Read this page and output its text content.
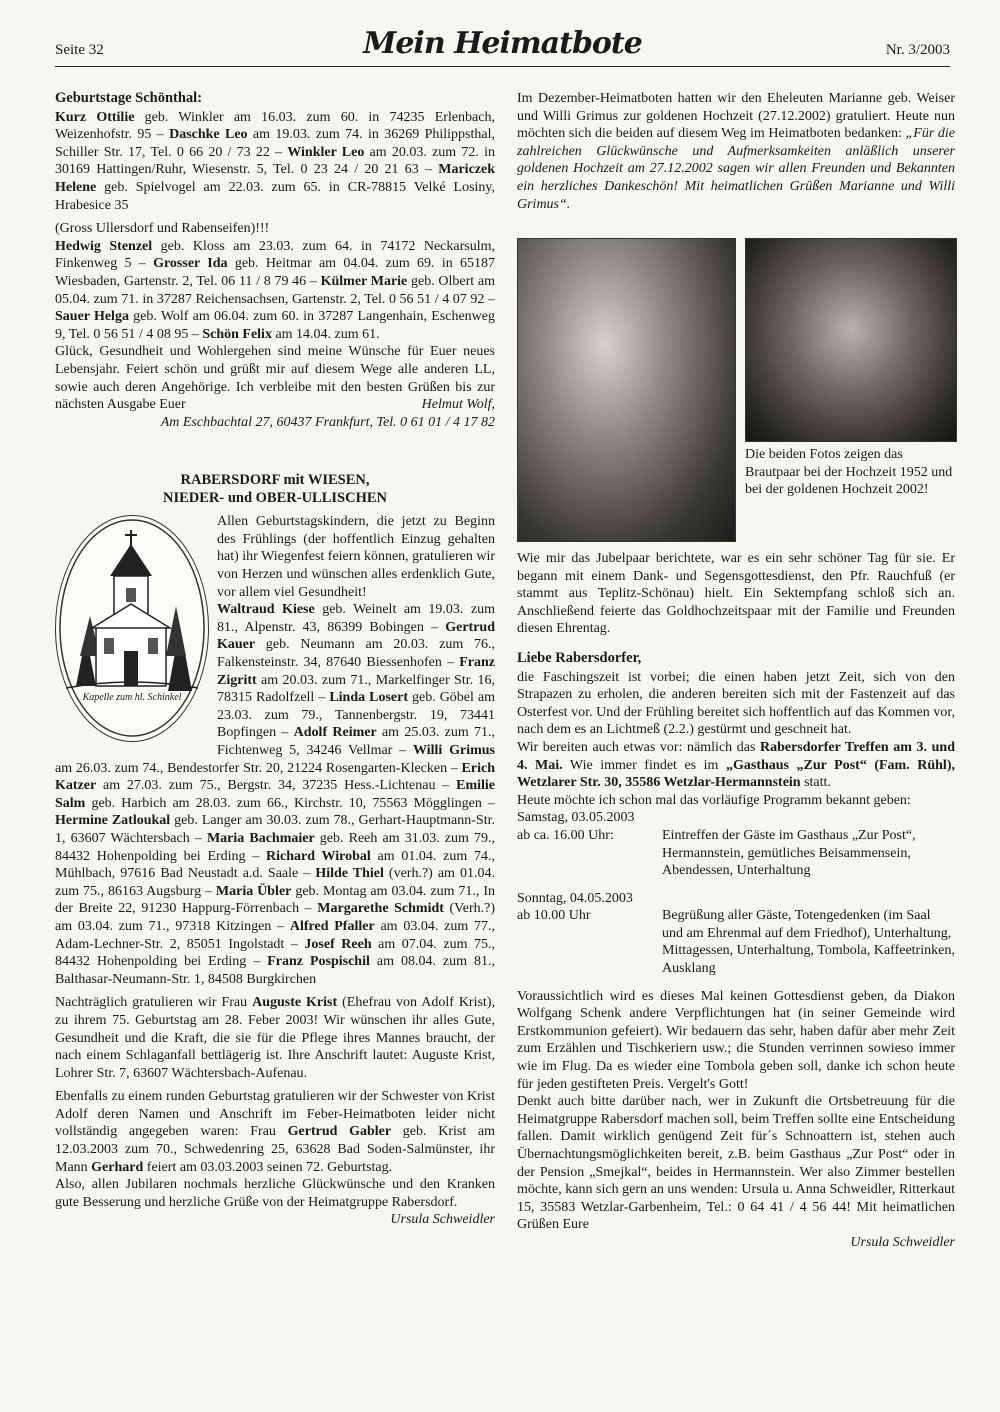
Seite 32	Mein Heimatbote	Nr. 3/2003
Geburtstage Schönthal:

Kurz Ottilie geb. Winkler am 16.03. zum 60. in 74235 Erlenbach, Weizenhofstr. 95 – Daschke Leo am 19.03. zum 74. in 36269 Philippsthal, Schiller Str. 17, Tel. 0 66 20 / 73 22 – Winkler Leo am 20.03. zum 72. in 30169 Hattingen/Ruhr, Wiesenstr. 5, Tel. 0 23 24 / 20 21 63 – Mariczek Helene geb. Spielvogel am 22.03. zum 65. in CR-78815 Velké Losiny, Hrabesice 35

(Gross Ullersdorf und Rabenseifen)!!!

Hedwig Stenzel geb. Kloss am 23.03. zum 64. in 74172 Neckarsulm, Finkenweg 5 – Grosser Ida geb. Heitmar am 04.04. zum 69. in 65187 Wiesbaden, Gartenstr. 2, Tel. 06 11 / 8 79 46 – Külmer Marie geb. Olbert am 05.04. zum 71. in 37287 Reichensachsen, Gartenstr. 2, Tel. 0 56 51 / 4 07 92 – Sauer Helga geb. Wolf am 06.04. zum 60. in 37287 Langenhain, Eschenweg 9, Tel. 0 56 51 / 4 08 95 – Schön Felix am 14.04. zum 61.

Glück, Gesundheit und Wohlergehen sind meine Wünsche für Euer neues Lebensjahr. Feiert schön und grüßt mir auf diesem Wege alle anderen LL, sowie auch deren Angehörige. Ich verbleibe mit den besten Grüßen bis zur nächsten Ausgabe Euer	Helmut Wolf,

Am Eschbachtal 27, 60437 Frankfurt, Tel. 0 61 01 / 4 17 82

RABERSDORF mit WIESEN,
NIEDER- und OBER-ULLISCHEN
Kapelle zum hl. Schinkel

Allen Geburtstagskindern, die jetzt zu Beginn des Frühlings (der hoffentlich Einzug gehalten hat) ihr Wiegenfest feiern können, gratulieren wir von Herzen und wünschen alles erdenklich Gute, vor allem viel Gesundheit!

Waltraud Kiese geb. Weinelt am 19.03. zum 81., Alpenstr. 43, 86399 Bobingen – Gertrud Kauer geb. Neumann am 20.03. zum 76., Falkensteinstr. 34, 87640 Biessenhofen – Franz Zigritt am 20.03. zum 71., Markelfinger Str. 16, 78315 Radolfzell – Linda Losert geb. Göbel am 23.03. zum 79., Tannenbergstr. 19, 73441 Bopfingen – Adolf Reimer am 25.03. zum 71., Fichtenweg 5, 34246 Vellmar – Willi Grimus am 26.03. zum 74., Bendestorfer Str. 20, 21224 Rosengarten-Klecken – Erich Katzer am 27.03. zum 75., Bergstr. 34, 37235 Hess.-Lichtenau – Emilie Salm geb. Harbich am 28.03. zum 66., Kirchstr. 10, 75563 Mögglingen – Hermine Zatloukal geb. Langer am 30.03. zum 78., Gerhart-Hauptmann-Str. 1, 63607 Wächtersbach – Maria Bachmaier geb. Reeh am 31.03. zum 79., 84432 Hohenpolding bei Erding – Richard Wirobal am 01.04. zum 74., Mühlbach, 97616 Bad Neustadt a.d. Saale – Hilde Thiel (verh.?) am 01.04. zum 75., 86163 Augsburg – Maria Übler geb. Montag am 03.04. zum 71., In der Breite 22, 91230 Happurg-Förrenbach – Margarethe Schmidt (Verh.?) am 03.04. zum 71., 97318 Kitzingen – Alfred Pfaller am 03.04. zum 77., Adam-Lechner-Str. 2, 85051 Ingolstadt – Josef Reeh am 07.04. zum 75., 84432 Hohenpolding bei Erding – Franz Pospischil am 08.04. zum 81., Balthasar-Neumann-Str. 1, 84508 Burgkirchen

Nachträglich gratulieren wir Frau Auguste Krist (Ehefrau von Adolf Krist), zu ihrem 75. Geburtstag am 28. Feber 2003! Wir wünschen ihr alles Gute, Gesundheit und die Kraft, die sie für die Pflege ihres Mannes braucht, der nach einem Schlaganfall bettlägerig ist. Ihre Anschrift lautet: Auguste Krist, Lohrer Str. 7, 63607 Wächtersbach-Aufenau.

Ebenfalls zu einem runden Geburtstag gratulieren wir der Schwester von Krist Adolf deren Namen und Anschrift im Feber-Heimatboten leider nicht vollständig angegeben waren: Frau Gertrud Gabler geb. Krist am 12.03.2003 zum 70., Schwedenring 25, 63628 Bad Soden-Salmünster, ihr Mann Gerhard feiert am 03.03.2003 seinen 72. Geburtstag.

Also, allen Jubilaren nochmals herzliche Glückwünsche und den Kranken gute Besserung und herzliche Grüße von der Heimatgruppe Rabersdorf.
Ursula Schweidler

Im Dezember-Heimatboten hatten wir den Eheleuten Marianne geb. Weiser und Willi Grimus zur goldenen Hochzeit (27.12.2002) gratuliert. Heute nun möchten sich die beiden auf diesem Weg im Heimatboten bedanken: „Für die zahlreichen Glückwünsche und Aufmerksamkeiten anläßlich unserer goldenen Hochzeit am 27.12.2002 sagen wir allen Freunden und Bekannten ein herzliches Dankeschön! Mit heimatlichen Grüßen Marianne und Willi Grimus“.

Die beiden Fotos zeigen das Brautpaar bei der Hochzeit 1952 und bei der goldenen Hochzeit 2002!

Wie mir das Jubelpaar berichtete, war es ein sehr schöner Tag für sie. Er begann mit einem Dank- und Segensgottesdienst, den Pfr. Rauchfuß (er stammt aus Teplitz-Schönau) hielt. Ein Sektempfang schloß sich an. Anschließend feierte das Goldhochzeitspaar mit der Familie und Freunden diesen Ehrentag.

Liebe Rabersdorfer,

die Faschingszeit ist vorbei; die einen haben jetzt Zeit, sich von den Strapazen zu erholen, die anderen bereiten sich mit der Fastenzeit auf das Osterfest vor. Und der Frühling bereitet sich hoffentlich auf das Kommen vor, nach dem es an Lichtmeß (2.2.) gestürmt und geschneit hat.

Wir bereiten auch etwas vor: nämlich das Rabersdorfer Treffen am 3. und 4. Mai. Wie immer findet es im „Gasthaus „Zur Post“ (Fam. Rühl), Wetzlarer Str. 30, 35586 Wetzlar-Hermannstein statt.

Heute möchte ich schon mal das vorläufige Programm bekannt geben:

Samstag, 03.05.2003
ab ca. 16.00 Uhr:	Eintreffen der Gäste im Gasthaus „Zur Post“, Hermannstein, gemütliches Beisammensein, Abendessen, Unterhaltung
Sonntag, 04.05.2003
ab 10.00 Uhr	Begrüßung aller Gäste, Totengedenken (im Saal und am Ehrenmal auf dem Friedhof), Unterhaltung, Mittagessen, Unterhaltung, Tombola, Kaffeetrinken, Ausklang

Voraussichtlich wird es dieses Mal keinen Gottesdienst geben, da Diakon Wolfgang Schenk andere Verpflichtungen hat (in seiner Gemeinde wird Erstkommunion gefeiert). Wir bedauern das sehr, haben dafür aber mehr Zeit zum Erzählen und Tischkeriern usw.; die Stunden verrinnen sowieso immer wie im Flug. Da es wieder eine Tombola geben soll, danke ich schon heute für jeden gestifteten Preis. Vergelt's Gott!

Denkt auch bitte darüber nach, wer in Zukunft die Ortsbetreuung für die Heimatgruppe Rabersdorf machen soll, beim Treffen sollte eine Entscheidung fallen. Damit wirklich genügend Zeit für´s Schnoattern ist, stehen auch Übernachtungsmöglichkeiten bereit, z.B. beim Gasthaus „Zur Post“ oder in der Pension „Smejkal“, beides in Hermannstein. Wer also Zimmer bestellen möchte, kann sich gern an uns wenden: Ursula u. Anna Schweidler, Ritterkaut 15, 35583 Wetzlar-Garbenheim, Tel.: 0 64 41 / 4 56 44! Mit heimatlichen Grüßen Eure

Ursula Schweidler
